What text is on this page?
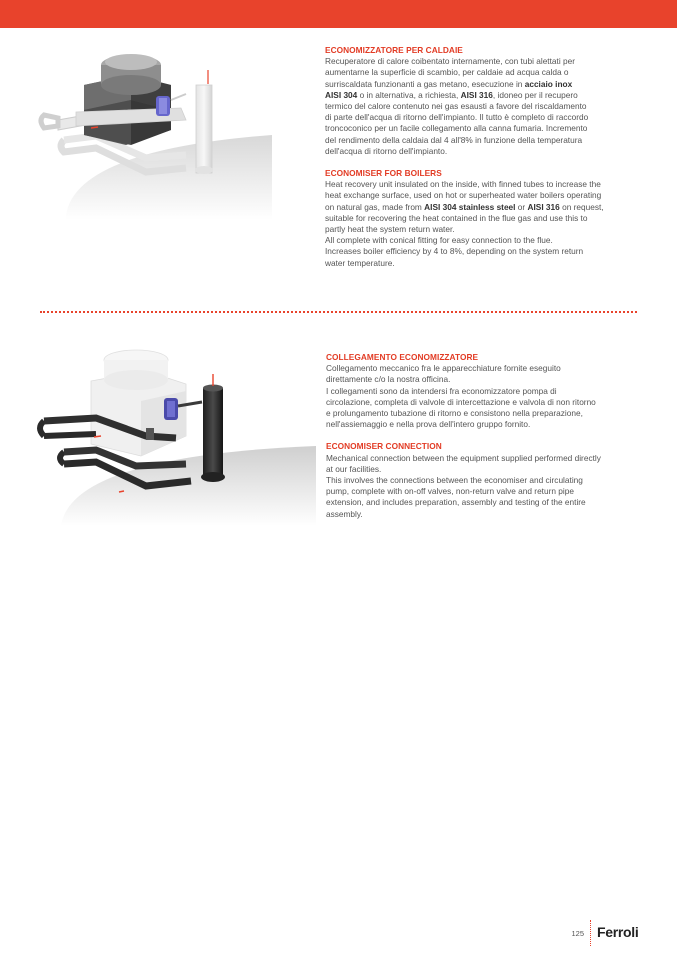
ECONOMIZZATORE PER CALDAIE

Recuperatore di calore coibentato internamente, con tubi alettati per
aumentarne la superficie di scambio, per caldaie ad acqua calda o
surriscaldata funzionanti a gas metano, esecuzione in acciaio inox
AISI 304 o in alternativa, a richiesta, AISI 316, idoneo per il recupero
termico del calore contenuto nei gas esausti a favore del riscaldamento
di parte dell'acqua di ritorno dell'impianto. Il tutto è completo di raccordo
troncoconico per un facile collegamento alla canna fumaria. Incremento
del rendimento della caldaia dal 4 all'8% in funzione della temperatura
dell'acqua di ritorno dell'impianto.

ECONOMISER FOR BOILERS

Heat recovery unit insulated on the inside, with finned tubes to increase the
heat exchange surface, used on hot or superheated water boilers operating
on natural gas, made from AISI 304 stainless steel or AISI 316 on request,
suitable for recovering the heat contained in the flue gas and use this to
partly heat the system return water.
All complete with conical fitting for easy connection to the flue.
Increases boiler efficiency by 4 to 8%, depending on the system return
water temperature.

COLLEGAMENTO ECONOMIZZATORE

Collegamento meccanico fra le apparecchiature fornite eseguito
direttamente c/o la nostra officina.
I collegamenti sono da intendersi fra economizzatore pompa di
circolazione, completa di valvole di intercettazione e valvola di non ritorno
e prolungamento tubazione di ritorno e consistono nella preparazione,
nell'assiemaggio e nella prova dell'intero gruppo fornito.

ECONOMISER CONNECTION

Mechanical connection between the equipment supplied performed directly
at our facilities.
This involves the connections between the economiser and circulating
pump, complete with on-off valves, non-return valve and return pipe
extension, and includes preparation, assembly and testing of the entire
assembly.

125 Ferroli
